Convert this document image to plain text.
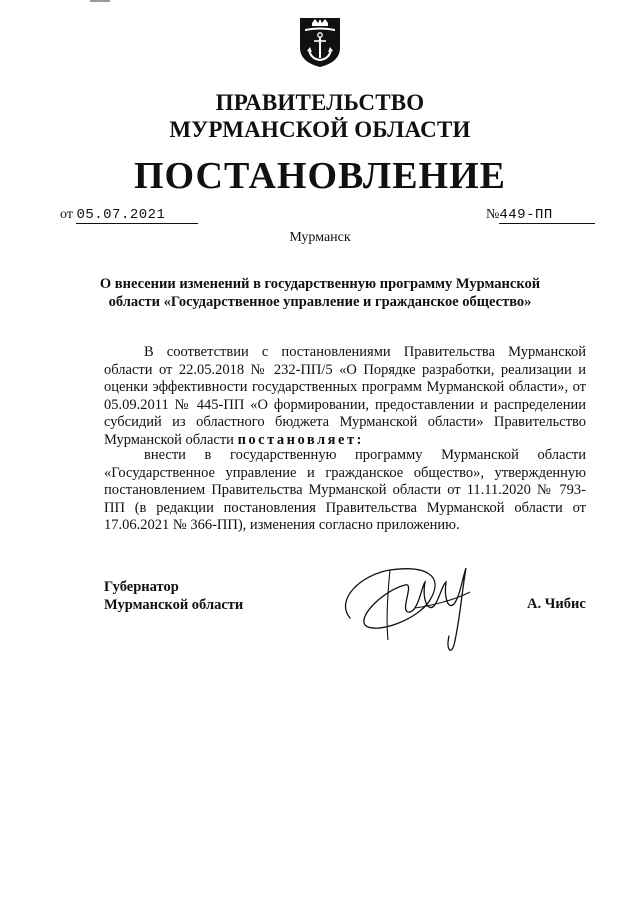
ПРАВИТЕЛЬСТВО
МУРМАНСКОЙ ОБЛАСТИ
ПОСТАНОВЛЕНИЕ
от 05.07.2021	№449-ПП
Мурманск
О внесении изменений в государственную программу Мурманской области «Государственное управление и гражданское общество»
В соответствии с постановлениями Правительства Мурманской области от 22.05.2018 № 232-ПП/5 «О Порядке разработки, реализации и оценки эффективности государственных программ Мурманской области», от 05.09.2011 № 445-ПП «О формировании, предоставлении и распределении субсидий из областного бюджета Мурманской области» Правительство Мурманской области постановляет:
внести в государственную программу Мурманской области «Государственное управление и гражданское общество», утвержденную постановлением Правительства Мурманской области от 11.11.2020 № 793-ПП (в редакции постановления Правительства Мурманской области от 17.06.2021 № 366-ПП), изменения согласно приложению.
Губернатор
Мурманской области	А. Чибис
